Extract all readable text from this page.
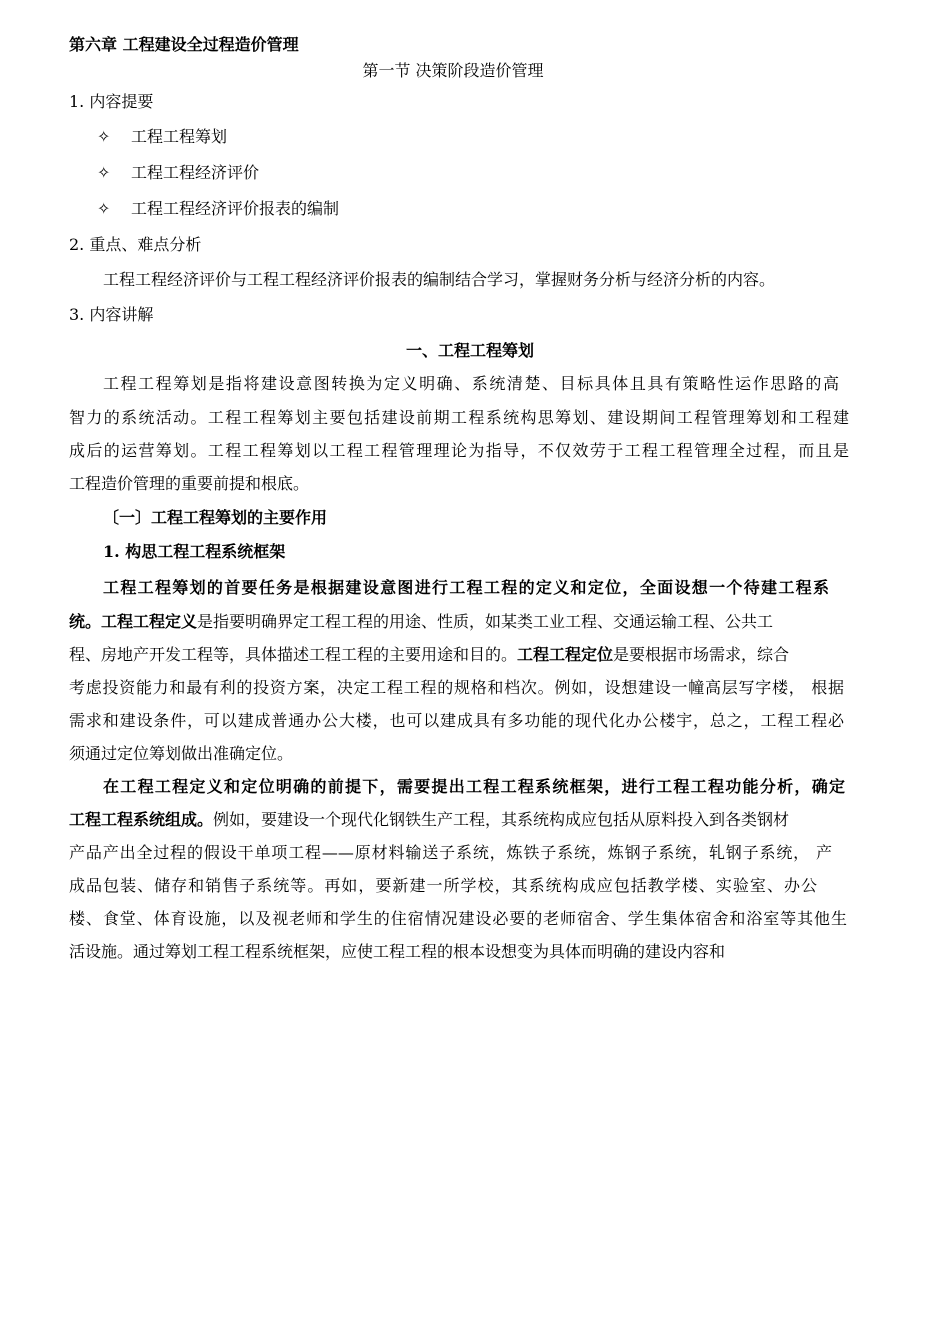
第六章 工程建设全过程造价管理
第一节 决策阶段造价管理
1. 内容提要
✧ 工程工程筹划
✧ 工程工程经济评价
✧ 工程工程经济评价报表的编制
2. 重点、难点分析
工程工程经济评价与工程工程经济评价报表的编制结合学习，掌握财务分析与经济分析的内容。
3. 内容讲解
一、工程工程筹划
工程工程筹划是指将建设意图转换为定义明确、系统清楚、目标具体且具有策略性运作思路的高
智力的系统活动。工程工程筹划主要包括建设前期工程系统构思筹划、建设期间工程管理筹划和工程建
成后的运营筹划。工程工程筹划以工程工程管理理论为指导，不仅效劳于工程工程管理全过程，而且是
工程造价管理的重要前提和根底。
〔一〕工程工程筹划的主要作用
1. 构思工程工程系统框架
工程工程筹划的首要任务是根据建设意图进行工程工程的定义和定位，全面设想一个待建工程系
统。工程工程定义是指要明确界定工程工程的用途、性质，如某类工业工程、交通运输工程、公共工
程、房地产开发工程等，具体描述工程工程的主要用途和目的。工程工程定位是要根据市场需求，综合
考虑投资能力和最有利的投资方案，决定工程工程的规格和档次。例如，设想建设一幢高层写字楼， 根据
需求和建设条件，可以建成普通办公大楼，也可以建成具有多功能的现代化办公楼宇，总之，工程工程必
须通过定位筹划做出准确定位。
在工程工程定义和定位明确的前提下，需要提出工程工程系统框架，进行工程工程功能分析，确定
工程工程系统组成。例如，要建设一个现代化钢铁生产工程，其系统构成应包括从原料投入到各类钢材
产品产出全过程的假设干单项工程——原材料输送子系统，炼铁子系统，炼钢子系统，轧钢子系统， 产
成品包装、储存和销售子系统等。再如，要新建一所学校，其系统构成应包括教学楼、实验室、办公
楼、食堂、体育设施，以及视老师和学生的住宿情况建设必要的老师宿舍、学生集体宿舍和浴室等其他生
活设施。通过筹划工程工程系统框架，应使工程工程的根本设想变为具体而明确的建设内容和
